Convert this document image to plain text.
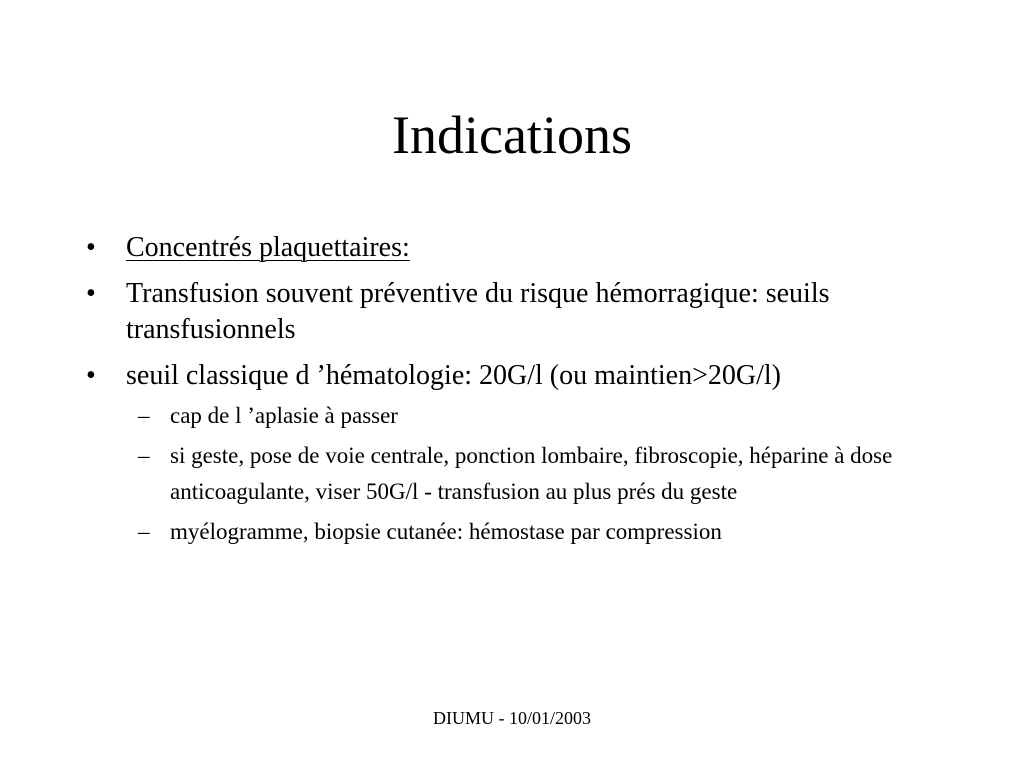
Indications
• Concentrés plaquettaires:
• Transfusion souvent préventive du risque hémorragique: seuils transfusionnels
• seuil classique d ’hématologie: 20G/l (ou maintien>20G/l)
– cap de l ’aplasie à passer
– si geste, pose de voie centrale, ponction lombaire, fibroscopie, héparine à dose anticoagulante, viser 50G/l - transfusion au plus prés du geste
– myélogramme, biopsie cutanée: hémostase par compression
DIUMU - 10/01/2003
